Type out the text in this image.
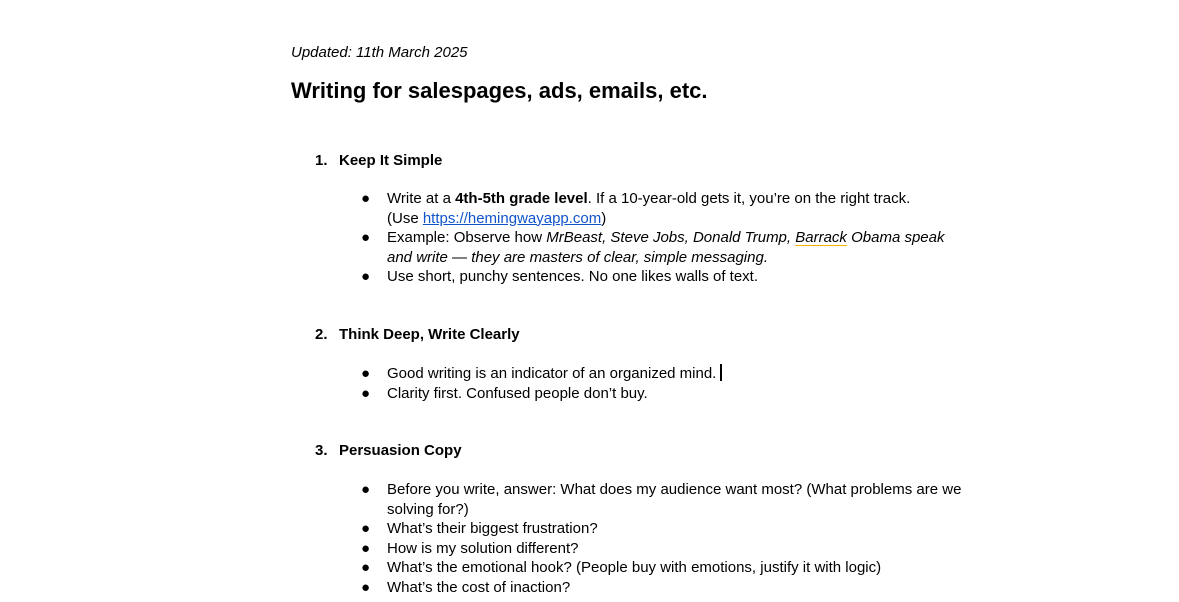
Updated: 11th March 2025
Writing for salespages, ads, emails, etc.
1. Keep It Simple
● Write at a 4th-5th grade level. If a 10-year-old gets it, you’re on the right track.
(Use https://hemingwayapp.com)
● Example: Observe how MrBeast, Steve Jobs, Donald Trump, Barrack Obama speak and write — they are masters of clear, simple messaging.
● Use short, punchy sentences. No one likes walls of text.
2. Think Deep, Write Clearly
● Good writing is an indicator of an organized mind.
● Clarity first. Confused people don’t buy.
3. Persuasion Copy
● Before you write, answer: What does my audience want most? (What problems are we solving for?)
● What’s their biggest frustration?
● How is my solution different?
● What’s the emotional hook? (People buy with emotions, justify it with logic)
● What’s the cost of inaction?
